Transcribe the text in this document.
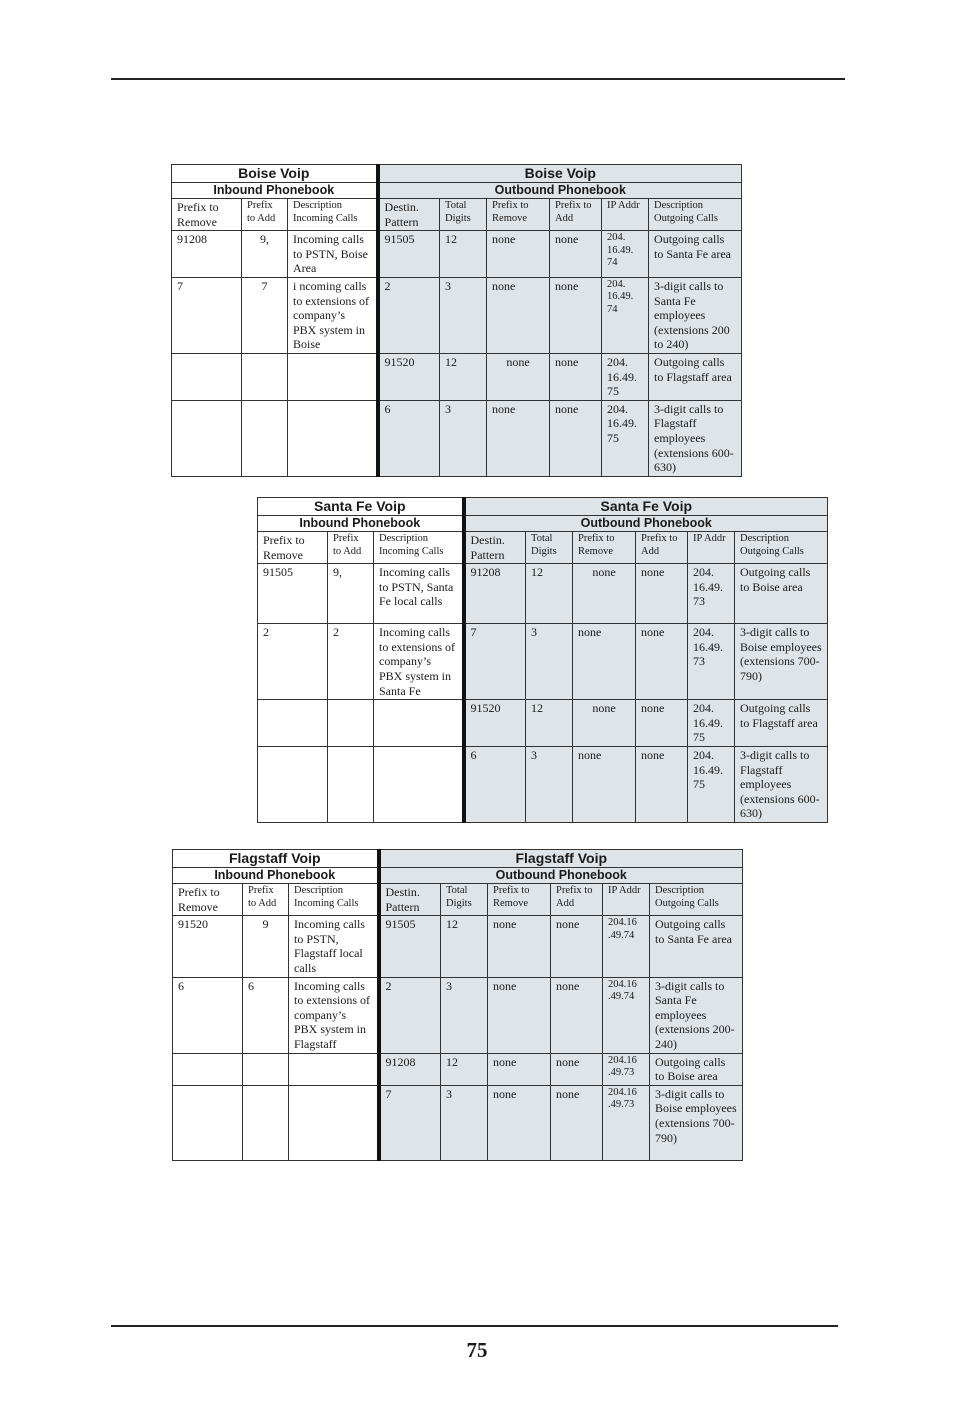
Boise Voip			Boise Voip					
Inbound Phonebook			Outbound Phonebook					
Prefix to Remove	Prefix to Add	Description Incoming Calls	Destin. Pattern	Total Digits	Prefix to Remove	Prefix to Add	IP Addr	Description Outgoing Calls
91208	9,	Incoming calls to PSTN, Boise Area	91505	12	none	none	204. 16.49. 74	Outgoing calls to Santa Fe area
7	7	i ncoming calls to extensions of company’s PBX system in Boise	2	3	none	none	204. 16.49. 74	3-digit calls to Santa Fe employees (extensions 200 to 240)
			91520	12	none	none	204. 16.49. 75	Outgoing calls to Flagstaff area
			6	3	none	none	204. 16.49. 75	3-digit calls to Flagstaff employees (extensions 600-630)
Santa Fe Voip			Santa Fe Voip					
Inbound Phonebook			Outbound Phonebook					
Prefix to Remove	Prefix to Add	Description Incoming Calls	Destin. Pattern	Total Digits	Prefix to Remove	Prefix to Add	IP Addr	Description Outgoing Calls
91505	9,	Incoming calls to PSTN, Santa Fe local calls	91208	12	none	none	204. 16.49. 73	Outgoing calls to Boise area
2	2	Incoming calls to extensions of company’s PBX system in Santa Fe	7	3	none	none	204. 16.49. 73	3-digit calls to Boise employees (extensions 700-790)
			91520	12	none	none	204. 16.49. 75	Outgoing calls to Flagstaff area
			6	3	none	none	204. 16.49. 75	3-digit calls to Flagstaff employees (extensions 600-630)
Flagstaff Voip			Flagstaff Voip					
Inbound Phonebook			Outbound Phonebook					
Prefix to Remove	Prefix to Add	Description Incoming Calls	Destin. Pattern	Total Digits	Prefix to Remove	Prefix to Add	IP Addr	Description Outgoing Calls
91520	9	Incoming calls to PSTN, Flagstaff local calls	91505	12	none	none	204.16 .49.74	Outgoing calls to Santa Fe area
6	6	Incoming calls to extensions of company’s PBX system in Flagstaff	2	3	none	none	204.16 .49.74	3-digit calls to Santa Fe employees (extensions 200-240)
			91208	12	none	none	204.16 .49.73	Outgoing calls to Boise area
			7	3	none	none	204.16 .49.73	3-digit calls to Boise employees (extensions 700-790)
75
